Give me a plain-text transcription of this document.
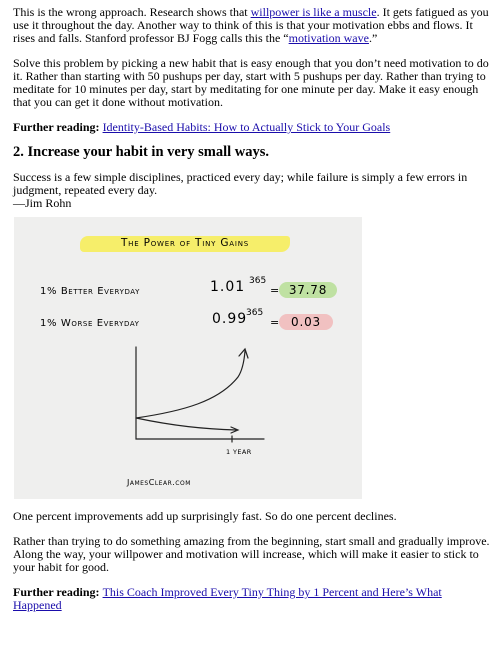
This is the wrong approach. Research shows that willpower is like a muscle. It gets fatigued as you use it throughout the day. Another way to think of this is that your motivation ebbs and flows. It rises and falls. Stanford professor BJ Fogg calls this the “motivation wave.”

Solve this problem by picking a new habit that is easy enough that you don’t need motivation to do it. Rather than starting with 50 pushups per day, start with 5 pushups per day. Rather than trying to meditate for 10 minutes per day, start by meditating for one minute per day. Make it easy enough that you can get it done without motivation.

Further reading: Identity-Based Habits: How to Actually Stick to Your Goals

2. Increase your habit in very small ways.

Success is a few simple disciplines, practiced every day; while failure is simply a few errors in judgment, repeated every day.

—Jim Rohn

The Power of Tiny Gains
1% Better Everyday	1.01 365
= 37.78
1% Worse Everyday	0.99
365
= 0.03
1 YEAR
JamesClear.com

One percent improvements add up surprisingly fast. So do one percent declines.

Rather than trying to do something amazing from the beginning, start small and gradually improve. Along the way, your willpower and motivation will increase, which will make it easier to stick to your habit for good.

Further reading: This Coach Improved Every Tiny Thing by 1 Percent and Here’s What Happened
